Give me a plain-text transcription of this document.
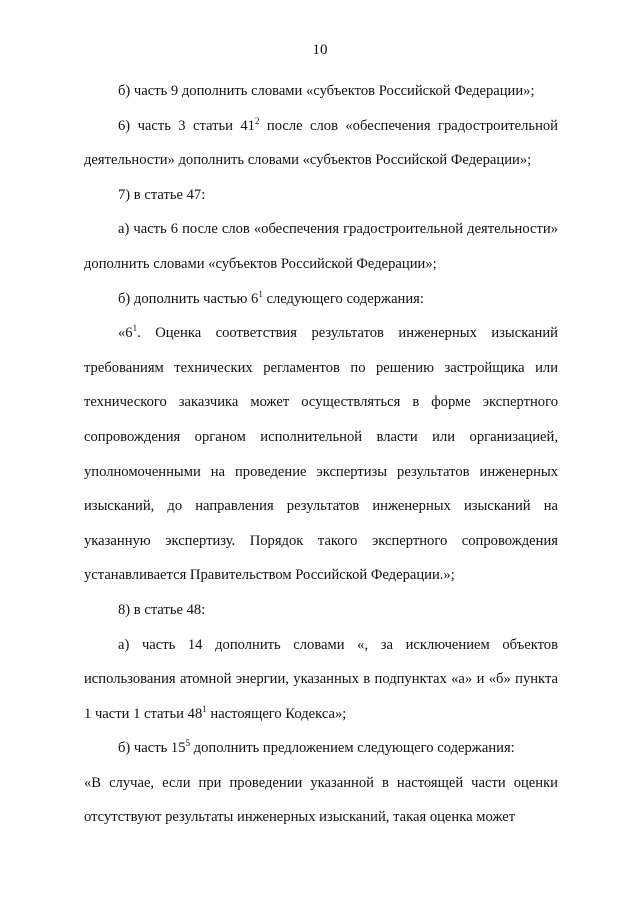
10

б) часть 9 дополнить словами «субъектов Российской Федерации»;

6) часть 3 статьи $41^2$ после слов «обеспечения градостроительной деятельности» дополнить словами «субъектов Российской Федерации»;

7) в статье 47:

а) часть 6 после слов «обеспечения градостроительной деятельности» дополнить словами «субъектов Российской Федерации»;

б) дополнить частью $6^1$ следующего содержания:

«$6^1$. Оценка соответствия результатов инженерных изысканий требованиям технических регламентов по решению застройщика или технического заказчика может осуществляться в форме экспертного сопровождения органом исполнительной власти или организацией, уполномоченными на проведение экспертизы результатов инженерных изысканий, до направления результатов инженерных изысканий на указанную экспертизу. Порядок такого экспертного сопровождения устанавливается Правительством Российской Федерации.»;

8) в статье 48:

а) часть 14 дополнить словами «, за исключением объектов использования атомной энергии, указанных в подпунктах «а» и «б» пункта 1 части 1 статьи $48^1$ настоящего Кодекса»;

б) часть $15^5$ дополнить предложением следующего содержания:

«В случае, если при проведении указанной в настоящей части оценки отсутствуют результаты инженерных изысканий, такая оценка может
